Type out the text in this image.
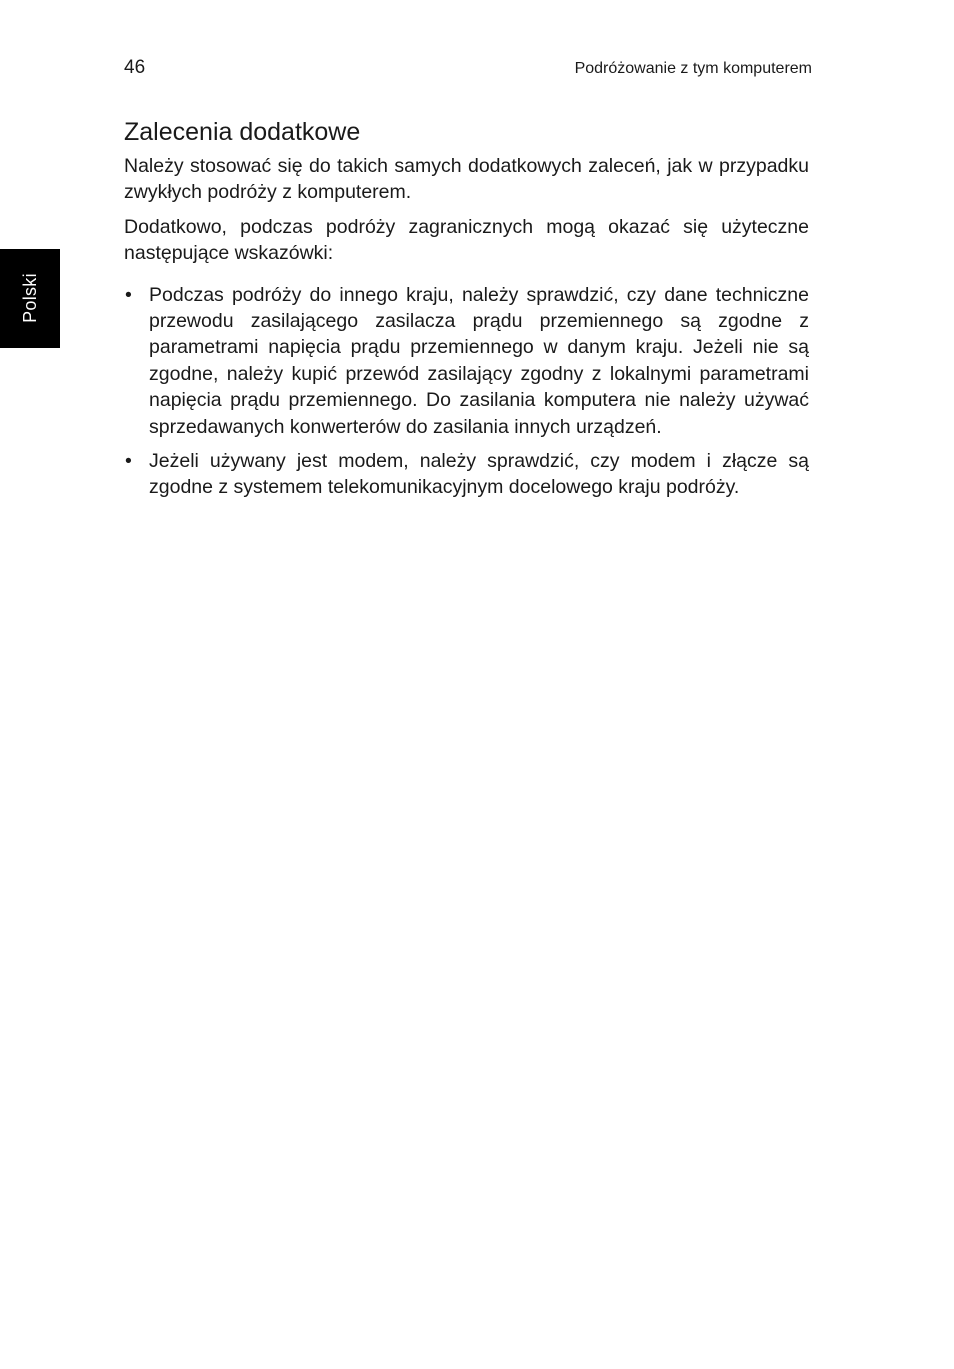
46	Podróżowanie z tym komputerem
Polski
Zalecenia dodatkowe

Należy stosować się do takich samych dodatkowych zaleceń, jak w przypadku zwykłych podróży z komputerem.

Dodatkowo, podczas podróży zagranicznych mogą okazać się użyteczne następujące wskazówki:

• Podczas podróży do innego kraju, należy sprawdzić, czy dane techniczne przewodu zasilającego zasilacza prądu przemiennego są zgodne z parametrami napięcia prądu przemiennego w danym kraju. Jeżeli nie są zgodne, należy kupić przewód zasilający zgodny z lokalnymi parametrami napięcia prądu przemiennego. Do zasilania komputera nie należy używać sprzedawanych konwerterów do zasilania innych urządzeń.
• Jeżeli używany jest modem, należy sprawdzić, czy modem i złącze są zgodne z systemem telekomunikacyjnym docelowego kraju podróży.
